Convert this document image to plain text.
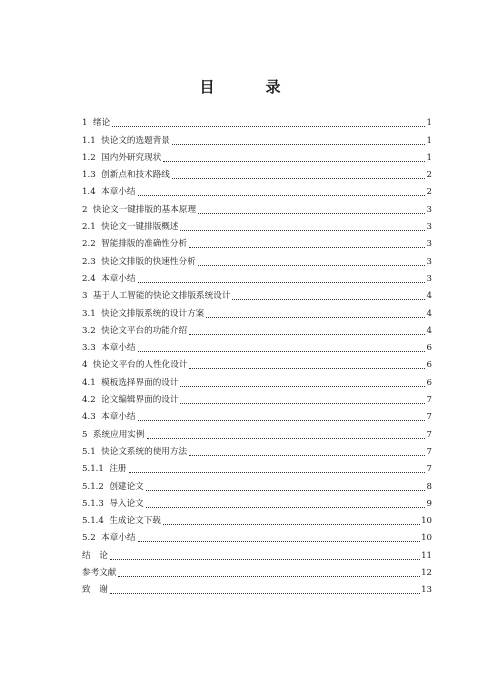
目　录
1  绪论	1
1.1  快论文的选题背景	1
1.2  国内外研究现状	1
1.3  创新点和技术路线	2
1.4  本章小结	2
2  快论文一键排版的基本原理	3
2.1  快论文一键排版概述	3
2.2  智能排版的准确性分析	3
2.3  快论文排版的快速性分析	3
2.4  本章小结	3
3  基于人工智能的快论文排版系统设计	4
3.1  快论文排版系统的设计方案	4
3.2  快论文平台的功能介绍	4
3.3  本章小结	6
4  快论文平台的人性化设计	6
4.1  模板选择界面的设计	6
4.2  论文编辑界面的设计	7
4.3  本章小结	7
5  系统应用实例	7
5.1  快论文系统的使用方法	7
5.1.1  注册	7
5.1.2  创建论文	8
5.1.3  导入论文	9
5.1.4  生成论文下载	10
5.2  本章小结	10
结　论	11
参考文献	12
致　谢	13
